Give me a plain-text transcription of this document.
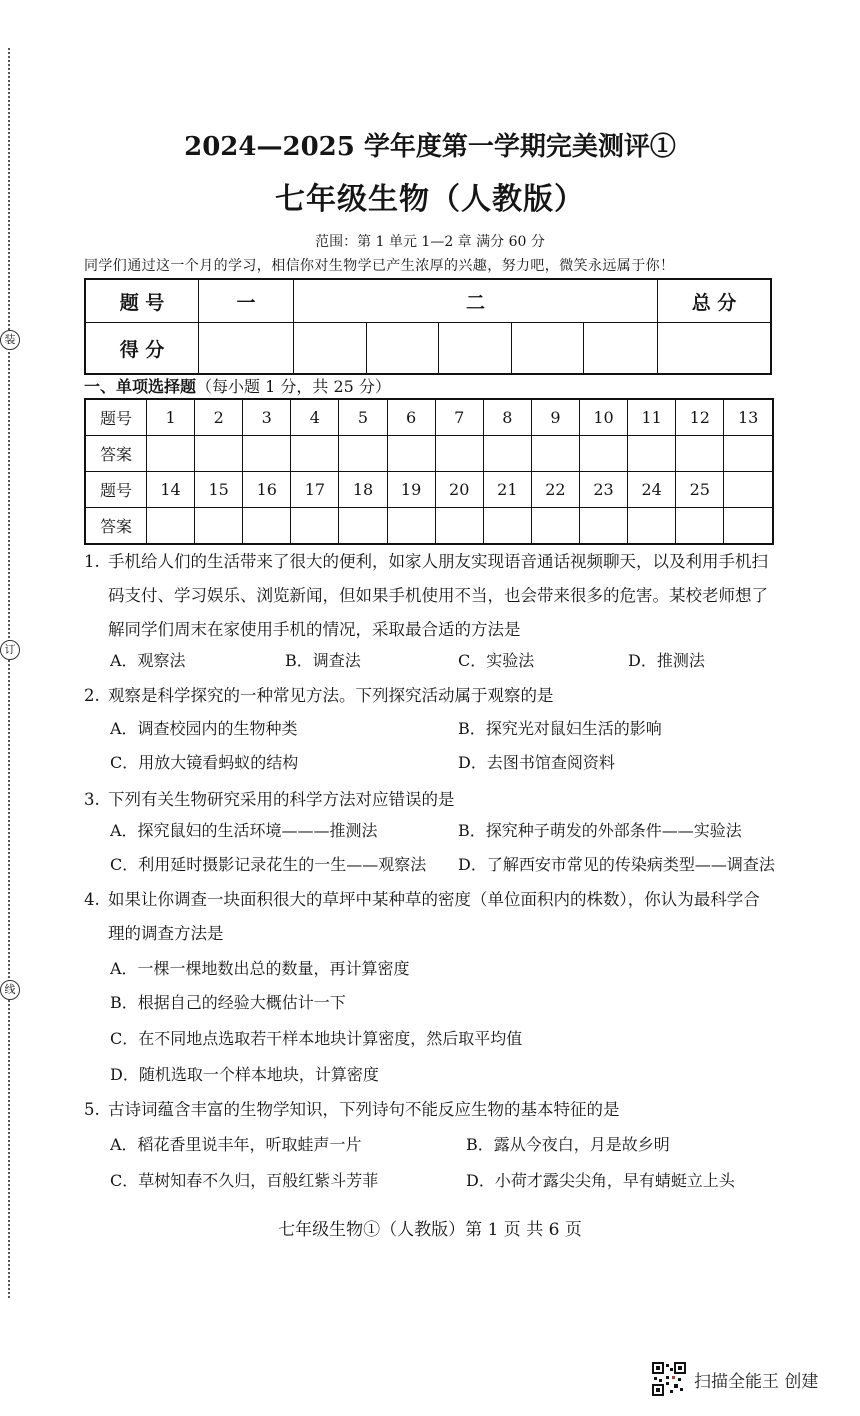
装
订
线
2024—2025 学年度第一学期完美测评①
七年级生物（人教版）
范围：第 1 单元 1—2 章 满分 60 分
同学们通过这一个月的学习，相信你对生物学已产生浓厚的兴趣，努力吧，微笑永远属于你！
题 号	一	二					总 分
得 分							
一、单项选择题（每小题 1 分，共 25 分）
题号	1	2	3	4	5	6	7	8	9	10	11	12	13
答案													
题号	14	15	16	17	18	19	20	21	22	23	24	25	
答案													
1. 手机给人们的生活带来了很大的便利，如家人朋友实现语音通话视频聊天，以及利用手机扫
码支付、学习娱乐、浏览新闻，但如果手机使用不当，也会带来很多的危害。某校老师想了
解同学们周末在家使用手机的情况，采取最合适的方法是
A．观察法	B．调查法	C．实验法	D．推测法
2. 观察是科学探究的一种常见方法。下列探究活动属于观察的是
A．调查校园内的生物种类	B．探究光对鼠妇生活的影响
C．用放大镜看蚂蚁的结构	D．去图书馆查阅资料
3. 下列有关生物研究采用的科学方法对应错误的是
A．探究鼠妇的生活环境———推测法	B．探究种子萌发的外部条件——实验法
C．利用延时摄影记录花生的一生——观察法 D．了解西安市常见的传染病类型——调查法
4. 如果让你调查一块面积很大的草坪中某种草的密度（单位面积内的株数），你认为最科学合
理的调查方法是
A．一棵一棵地数出总的数量，再计算密度
B．根据自己的经验大概估计一下
C．在不同地点选取若干样本地块计算密度，然后取平均值
D．随机选取一个样本地块，计算密度
5. 古诗词蕴含丰富的生物学知识，下列诗句不能反应生物的基本特征的是
A．稻花香里说丰年，听取蛙声一片	B．露从今夜白，月是故乡明
C．草树知春不久归，百般红紫斗芳菲	D．小荷才露尖尖角，早有蜻蜓立上头
七年级生物①（人教版）第 1 页 共 6 页
扫描全能王 创建
